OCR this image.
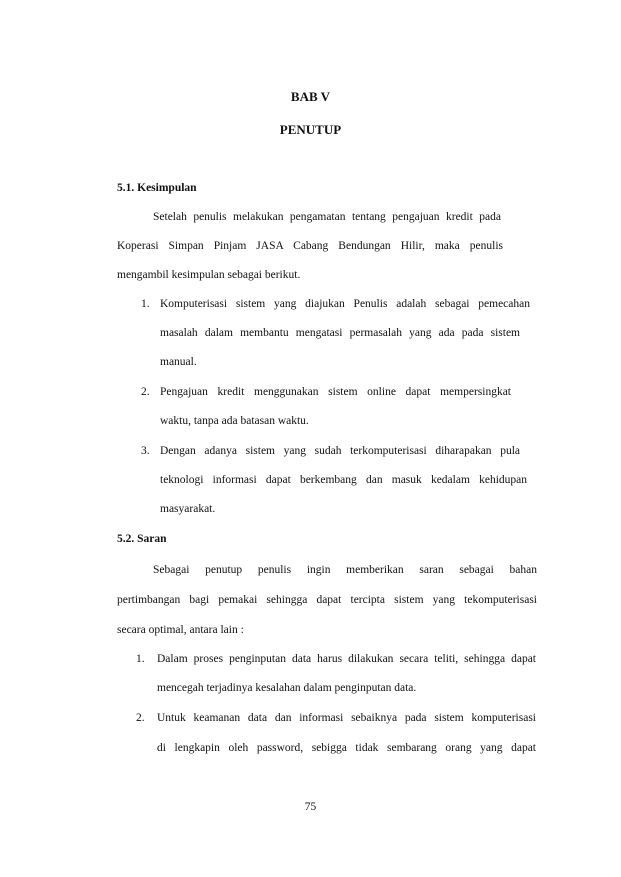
BAB V
PENUTUP
5.1. Kesimpulan
Setelah penulis melakukan pengamatan tentang pengajuan kredit pada
Koperasi Simpan Pinjam JASA Cabang Bendungan Hilir, maka penulis
mengambil kesimpulan sebagai berikut.
1. Komputerisasi sistem yang diajukan Penulis adalah sebagai pemecahan
masalah dalam membantu mengatasi permasalah yang ada pada sistem
manual.
2. Pengajuan kredit menggunakan sistem online dapat mempersingkat
waktu, tanpa ada batasan waktu.
3. Dengan adanya sistem yang sudah terkomputerisasi diharapakan pula
teknologi informasi dapat berkembang dan masuk kedalam kehidupan
masyarakat.
5.2. Saran
Sebagai penutup penulis ingin memberikan saran sebagai bahan
pertimbangan bagi pemakai sehingga dapat tercipta sistem yang tekomputerisasi
secara optimal, antara lain :
1. Dalam proses penginputan data harus dilakukan secara teliti, sehingga dapat
mencegah terjadinya kesalahan dalam penginputan data.
2. Untuk keamanan data dan informasi sebaiknya pada sistem komputerisasi
di lengkapin oleh password, sebigga tidak sembarang orang yang dapat
75
